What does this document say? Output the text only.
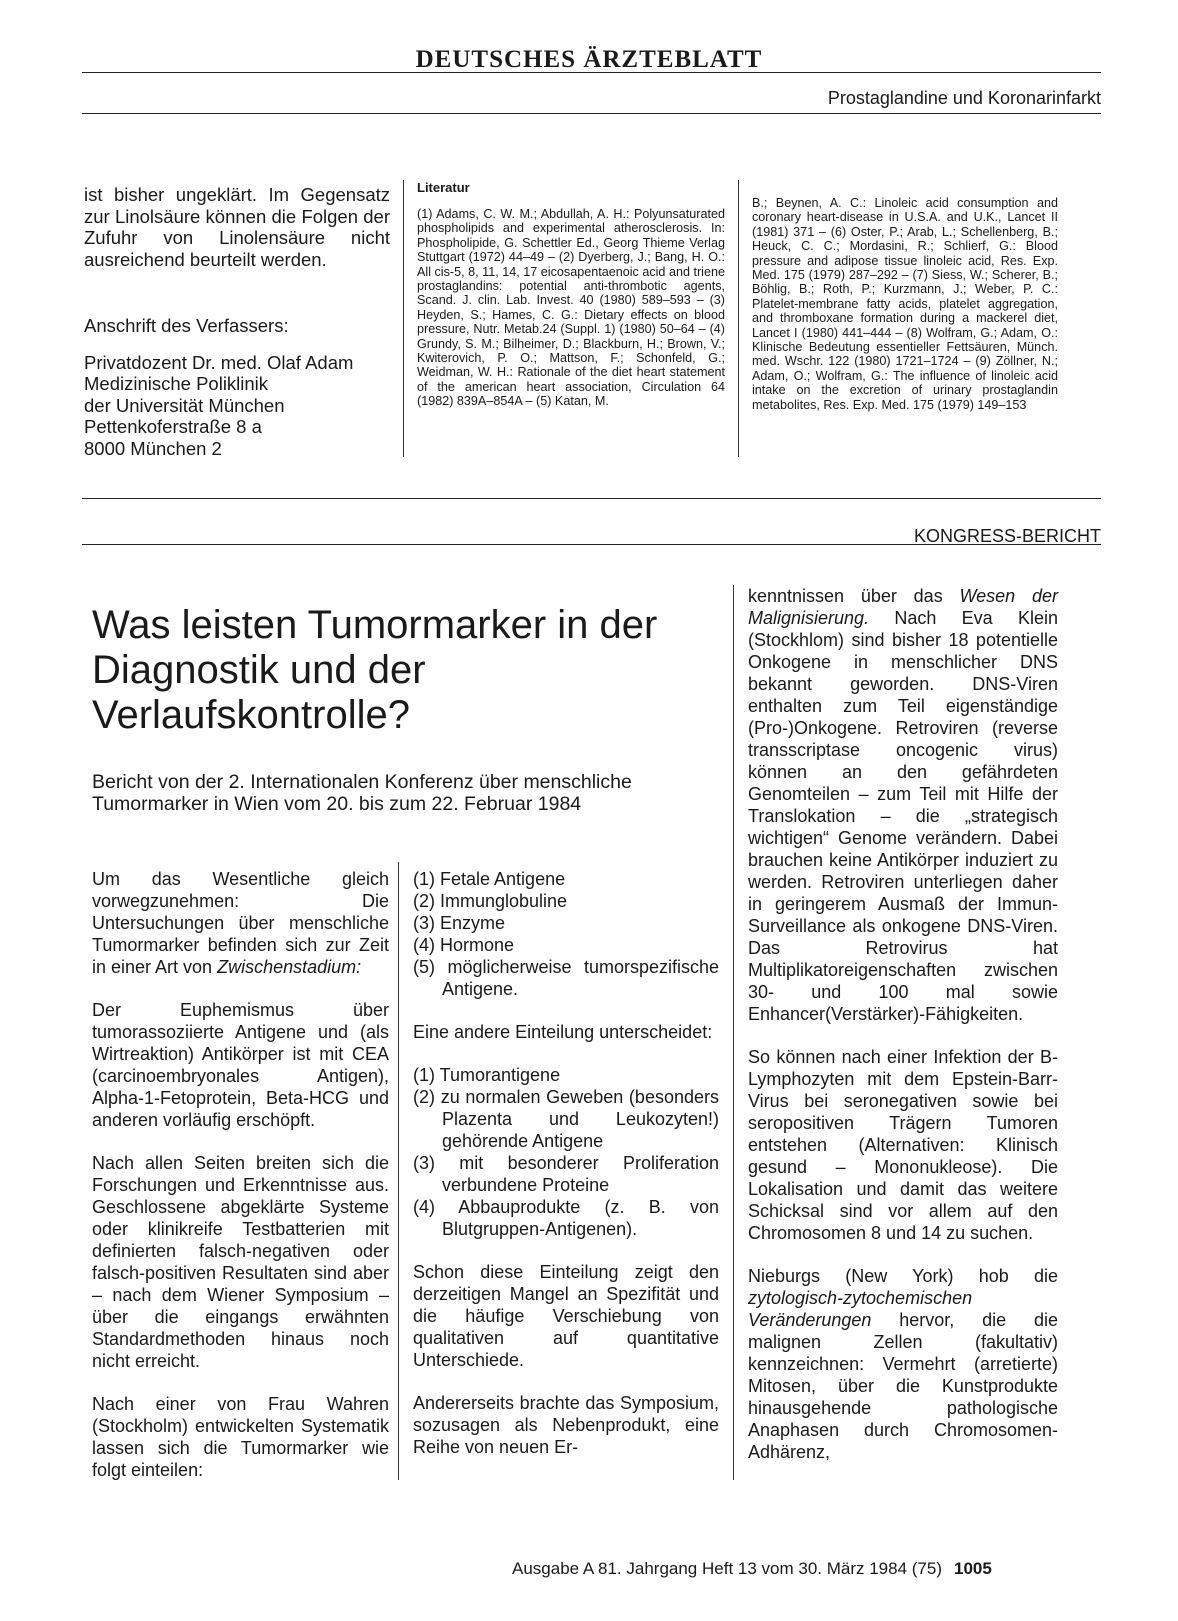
DEUTSCHES ÄRZTEBLATT
Prostaglandine und Koronarinfarkt

ist bisher ungeklärt. Im Gegensatz zur Linolsäure können die Folgen der Zufuhr von Linolensäure nicht ausreichend beurteilt werden.

Anschrift des Verfassers:

Privatdozent Dr. med. Olaf Adam
Medizinische Poliklinik
der Universität München
Pettenkoferstraße 8 a
8000 München 2
Literatur

(1) Adams, C. W. M.; Abdullah, A. H.: Polyunsaturated phospholipids and experimental atherosclerosis. In: Phospholipide, G. Schettler Ed., Georg Thieme Verlag Stuttgart (1972) 44–49 – (2) Dyerberg, J.; Bang, H. O.: All cis-5, 8, 11, 14, 17 eicosapentaenoic acid and triene prostaglandins: potential anti-thrombotic agents, Scand. J. clin. Lab. Invest. 40 (1980) 589–593 – (3) Heyden, S.; Hames, C. G.: Dietary effects on blood pressure, Nutr. Metab.24 (Suppl. 1) (1980) 50–64 – (4) Grundy, S. M.; Bilheimer, D.; Blackburn, H.; Brown, V.; Kwiterovich, P. O.; Mattson, F.; Schonfeld, G.; Weidman, W. H.: Rationale of the diet heart statement of the american heart association, Circulation 64 (1982) 839A–854A – (5) Katan, M.

B.; Beynen, A. C.: Linoleic acid consumption and coronary heart-disease in U.S.A. and U.K., Lancet II (1981) 371 – (6) Oster, P.; Arab, L.; Schellenberg, B.; Heuck, C. C.; Mordasini, R.; Schlierf, G.: Blood pressure and adipose tissue linoleic acid, Res. Exp. Med. 175 (1979) 287–292 – (7) Siess, W.; Scherer, B.; Böhlig, B.; Roth, P.; Kurzmann, J.; Weber, P. C.: Platelet-membrane fatty acids, platelet aggregation, and thromboxane formation during a mackerel diet, Lancet I (1980) 441–444 – (8) Wolfram, G.; Adam, O.: Klinische Bedeutung essentieller Fettsäuren, Münch. med. Wschr. 122 (1980) 1721–1724 – (9) Zöllner, N.; Adam, O.; Wolfram, G.: The influence of linoleic acid intake on the excretion of urinary prostaglandin metabolites, Res. Exp. Med. 175 (1979) 149–153

KONGRESS-BERICHT
Was leisten Tumormarker in der Diagnostik und der Verlaufskontrolle?
Bericht von der 2. Internationalen Konferenz über menschliche Tumormarker in Wien vom 20. bis zum 22. Februar 1984

Um das Wesentliche gleich vorwegzunehmen: Die Untersuchungen über menschliche Tumormarker befinden sich zur Zeit in einer Art von Zwischenstadium:

Der Euphemismus über tumorassoziierte Antigene und (als Wirtreaktion) Antikörper ist mit CEA (carcinoembryonales Antigen), Alpha-1-Fetoprotein, Beta-HCG und anderen vorläufig erschöpft.

Nach allen Seiten breiten sich die Forschungen und Erkenntnisse aus. Geschlossene abgeklärte Systeme oder klinikreife Testbatterien mit definierten falsch-negativen oder falsch-positiven Resultaten sind aber – nach dem Wiener Symposium – über die eingangs erwähnten Standardmethoden hinaus noch nicht erreicht.

Nach einer von Frau Wahren (Stockholm) entwickelten Systematik lassen sich die Tumormarker wie folgt einteilen:

(1) Fetale Antigene
(2) Immunglobuline
(3) Enzyme
(4) Hormone
(5) möglicherweise tumorspezifische Antigene.

Eine andere Einteilung unterscheidet:

(1) Tumorantigene
(2) zu normalen Geweben (besonders Plazenta und Leukozyten!) gehörende Antigene
(3) mit besonderer Proliferation verbundene Proteine
(4) Abbauprodukte (z. B. von Blutgruppen-Antigenen).

Schon diese Einteilung zeigt den derzeitigen Mangel an Spezifität und die häufige Verschiebung von qualitativen auf quantitative Unterschiede.

Andererseits brachte das Symposium, sozusagen als Nebenprodukt, eine Reihe von neuen Er-

kenntnissen über das Wesen der Malignisierung. Nach Eva Klein (Stockhlom) sind bisher 18 potentielle Onkogene in menschlicher DNS bekannt geworden. DNS-Viren enthalten zum Teil eigenständige (Pro-)Onkogene. Retroviren (reverse transscriptase oncogenic virus) können an den gefährdeten Genomteilen – zum Teil mit Hilfe der Translokation – die „strategisch wichtigen“ Genome verändern. Dabei brauchen keine Antikörper induziert zu werden. Retroviren unterliegen daher in geringerem Ausmaß der Immun-Surveillance als onkogene DNS-Viren. Das Retrovirus hat Multiplikatoreigenschaften zwischen 30- und 100 mal sowie Enhancer(Verstärker)-Fähigkeiten.

So können nach einer Infektion der B-Lymphozyten mit dem Epstein-Barr-Virus bei seronegativen sowie bei seropositiven Trägern Tumoren entstehen (Alternativen: Klinisch gesund – Mononukleose). Die Lokalisation und damit das weitere Schicksal sind vor allem auf den Chromosomen 8 und 14 zu suchen.

Nieburgs (New York) hob die zytologisch-zytochemischen Veränderungen hervor, die die malignen Zellen (fakultativ) kennzeichnen: Vermehrt (arretierte) Mitosen, über die Kunstprodukte hinausgehende pathologische Anaphasen durch Chromosomen-Adhärenz,

Ausgabe A 81. Jahrgang Heft 13 vom 30. März 1984 (75) 1005
